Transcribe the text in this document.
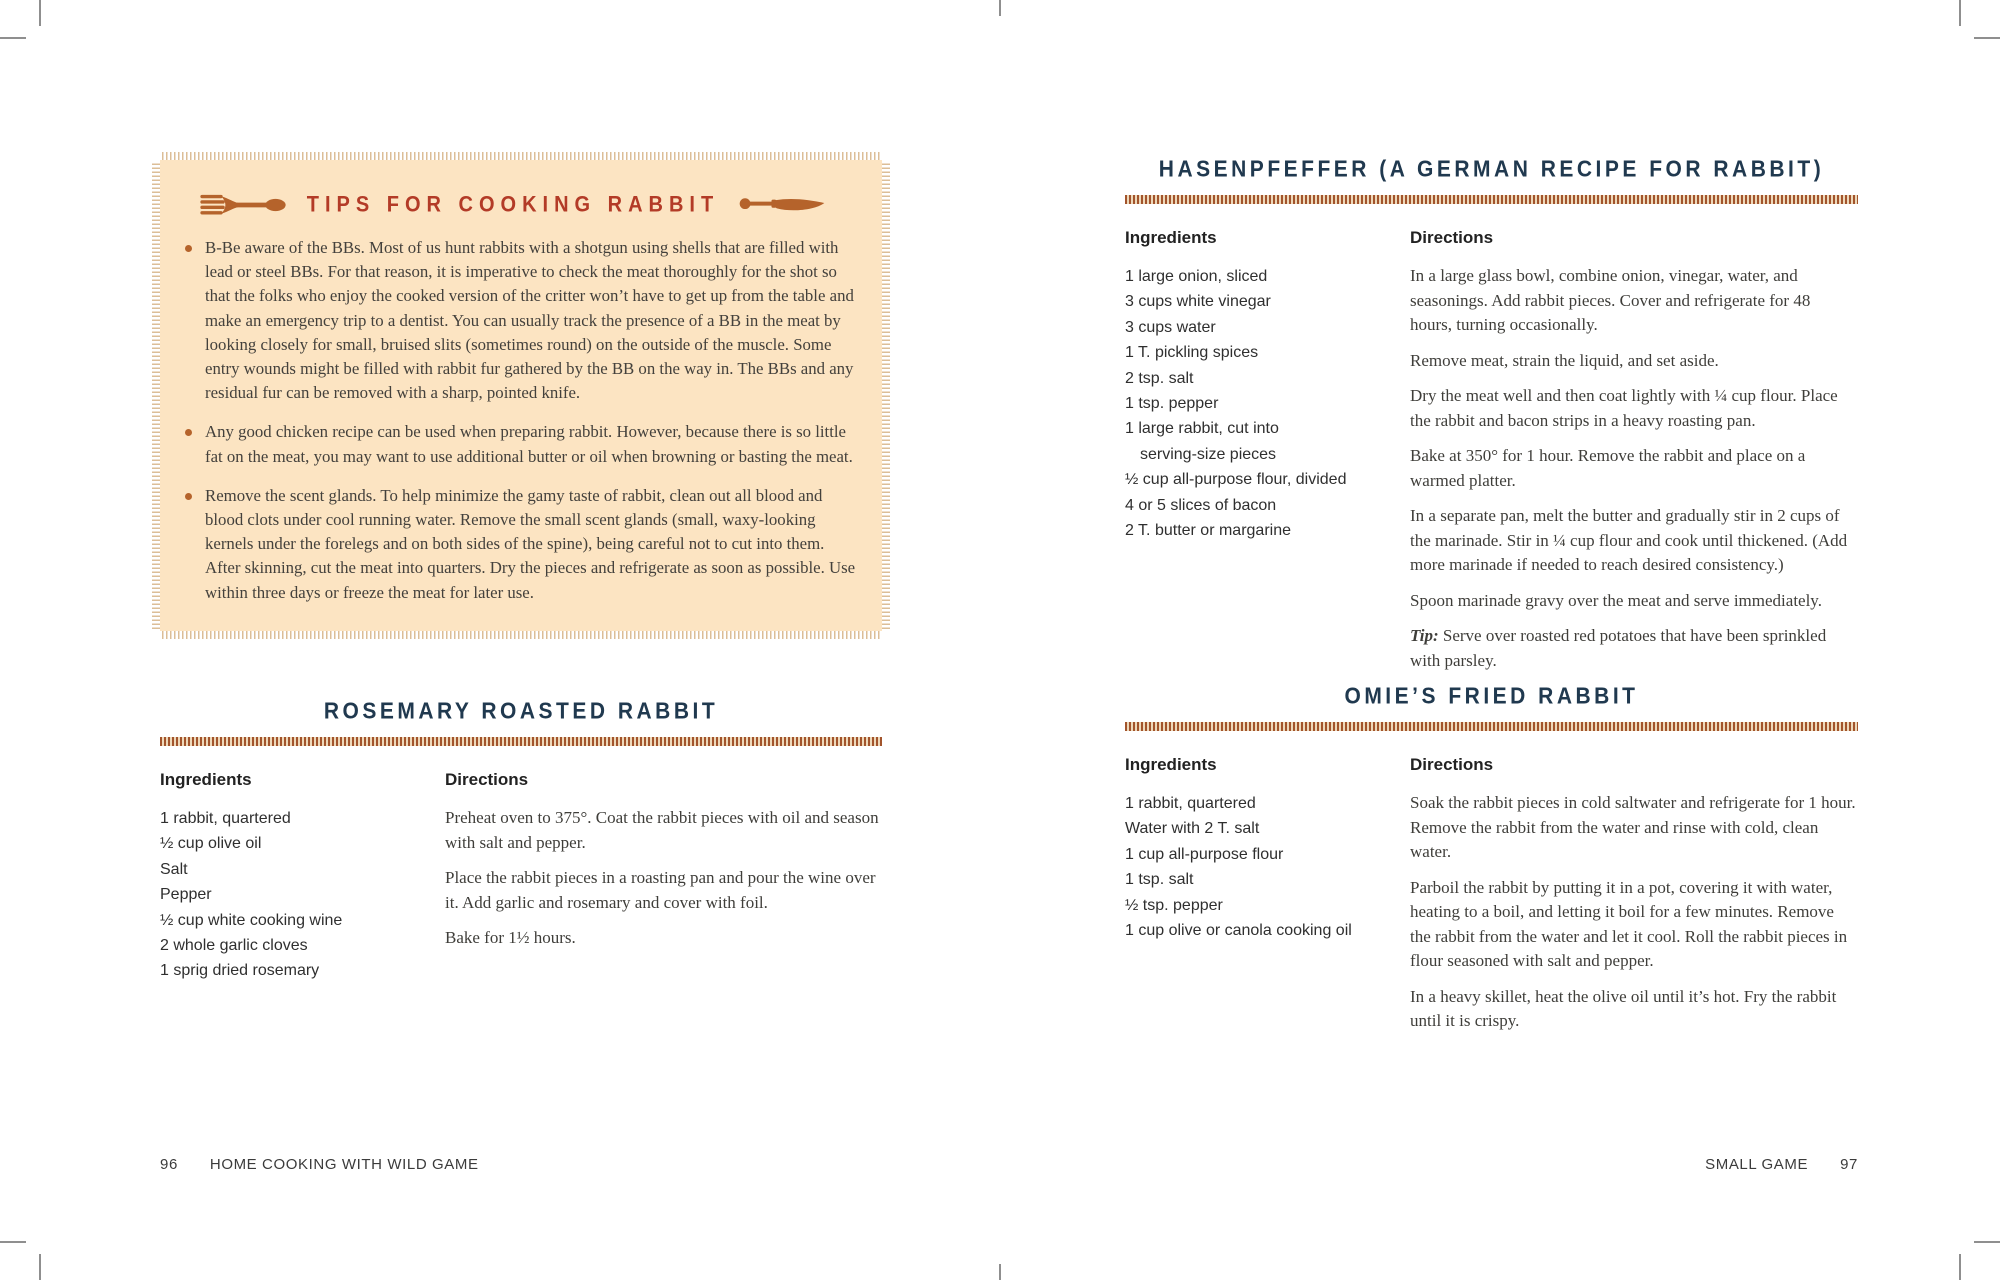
TIPS FOR COOKING RABBIT
B-Be aware of the BBs. Most of us hunt rabbits with a shotgun using shells that are filled with lead or steel BBs. For that reason, it is imperative to check the meat thoroughly for the shot so that the folks who enjoy the cooked version of the critter won’t have to get up from the table and make an emergency trip to a dentist. You can usually track the presence of a BB in the meat by looking closely for small, bruised slits (sometimes round) on the outside of the muscle. Some entry wounds might be filled with rabbit fur gathered by the BB on the way in. The BBs and any residual fur can be removed with a sharp, pointed knife.
Any good chicken recipe can be used when preparing rabbit. However, because there is so little fat on the meat, you may want to use additional butter or oil when browning or basting the meat.
Remove the scent glands. To help minimize the gamy taste of rabbit, clean out all blood and blood clots under cool running water. Remove the small scent glands (small, waxy-looking kernels under the forelegs and on both sides of the spine), being careful not to cut into them. After skinning, cut the meat into quarters. Dry the pieces and refrigerate as soon as possible. Use within three days or freeze the meat for later use.
ROSEMARY ROASTED RABBIT
Ingredients
1 rabbit, quartered
½ cup olive oil
Salt
Pepper
½ cup white cooking wine
2 whole garlic cloves
1 sprig dried rosemary
Directions
Preheat oven to 375°. Coat the rabbit pieces with oil and season with salt and pepper.
Place the rabbit pieces in a roasting pan and pour the wine over it. Add garlic and rosemary and cover with foil.
Bake for 1½ hours.
96 HOME COOKING WITH WILD GAME
HASENPFEFFER (A GERMAN RECIPE FOR RABBIT)
Ingredients
1 large onion, sliced
3 cups white vinegar
3 cups water
1 T. pickling spices
2 tsp. salt
1 tsp. pepper
1 large rabbit, cut into
serving-size pieces
½ cup all-purpose flour, divided
4 or 5 slices of bacon
2 T. butter or margarine
Directions
In a large glass bowl, combine onion, vinegar, water, and seasonings. Add rabbit pieces. Cover and refrigerate for 48 hours, turning occasionally.
Remove meat, strain the liquid, and set aside.
Dry the meat well and then coat lightly with ¼ cup flour. Place the rabbit and bacon strips in a heavy roasting pan.
Bake at 350° for 1 hour. Remove the rabbit and place on a warmed platter.
In a separate pan, melt the butter and gradually stir in 2 cups of the marinade. Stir in ¼ cup flour and cook until thickened. (Add more marinade if needed to reach desired consistency.)
Spoon marinade gravy over the meat and serve immediately.
Tip: Serve over roasted red potatoes that have been sprinkled with parsley.
OMIE’S FRIED RABBIT
Ingredients
1 rabbit, quartered
Water with 2 T. salt
1 cup all-purpose flour
1 tsp. salt
½ tsp. pepper
1 cup olive or canola cooking oil
Directions
Soak the rabbit pieces in cold saltwater and refrigerate for 1 hour. Remove the rabbit from the water and rinse with cold, clean water.
Parboil the rabbit by putting it in a pot, covering it with water, heating to a boil, and letting it boil for a few minutes. Remove the rabbit from the water and let it cool. Roll the rabbit pieces in flour seasoned with salt and pepper.
In a heavy skillet, heat the olive oil until it’s hot. Fry the rabbit until it is crispy.
SMALL GAME 97
